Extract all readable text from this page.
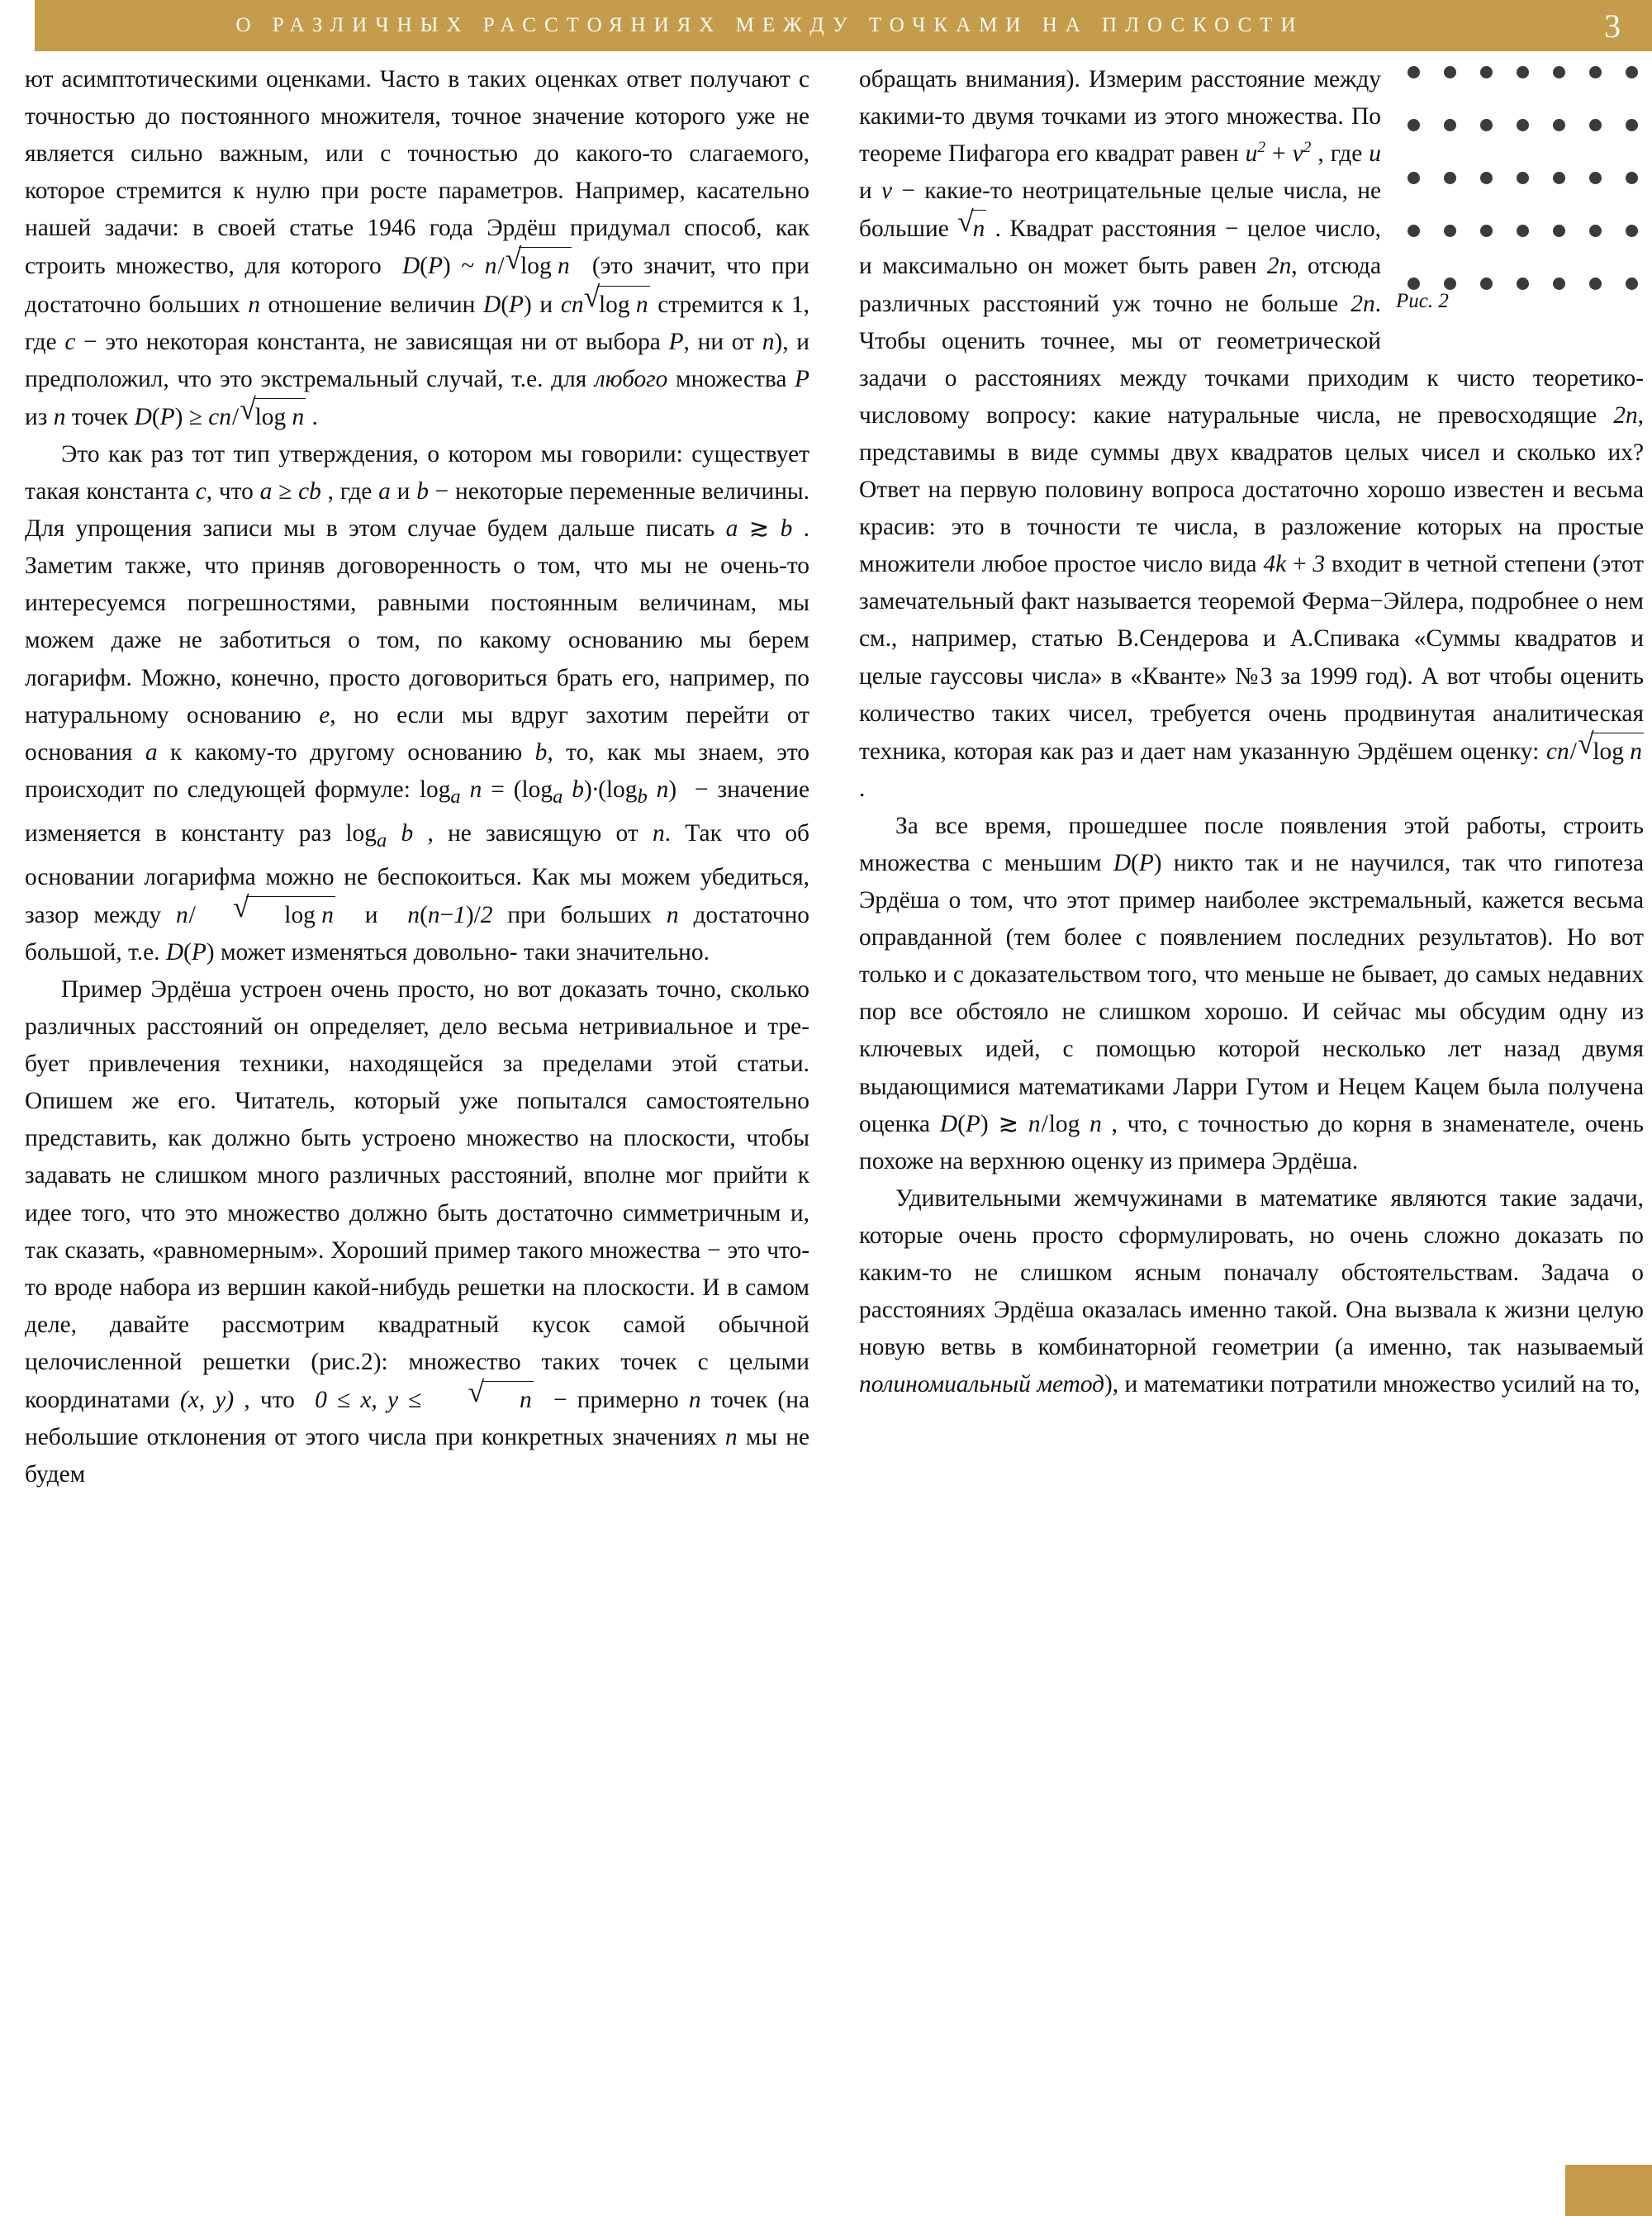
О РАЗЛИЧНЫХ РАССТОЯНИЯХ МЕЖДУ ТОЧКАМИ НА ПЛОСКОСТИ	3

ют асимптотическими оценками. Часто в таких оценках ответ получают с точностью до постоянного множителя, точное значение которого уже не является сильно важным, или с точностью до какого-то слагаемого, которое стремится к нулю при росте параметров. Например, касательно нашей задачи: в своей статье 1946 года Эрдёш придумал способ, как строить множество, для которого  D(P) ~ n/ √
log n  (это значит, что при достаточно больших n отношение величин D(P) и cn √
log n стремится к 1, где c − это некоторая константа, не зависящая ни от выбора P, ни от n), и предположил, что это экстремальный случай, т.е. для любого множества P из n точек D(P) ≥ cn/ √
log n .

Это как раз тот тип утверждения, о котором мы говорили: существует такая константа c, что a ≥ cb , где a и b − некоторые переменные величины. Для упрощения записи мы в этом случае будем дальше писать a ≳ b . Заметим также, что приняв договоренность о том, что мы не очень-то интересуемся погрешностями, равными постоянным величинам, мы можем даже не заботиться о том, по какому основанию мы берем логарифм. Можно, конечно, просто договориться брать его, например, по натуральному основанию e, но если мы вдруг захотим перейти от основания a к какому-то другому основанию b, то, как мы знаем, это происходит по следующей формуле: $\log_a n = (\log_a$ $b)\cdot(\log_b$ n)  − значение изменяется в константу раз $\log_a b$ , не зависящую от n. Так что об основании логарифма можно не беспокоиться. Как мы можем убедиться, зазор между n/	√ log n  и  n(n−1)/2 при больших n достаточно большой, т.е. D(P) может изменяться довольно- таки значительно.

Пример Эрдёша устроен очень просто, но вот доказать точно, сколько различных расстояний он определяет, дело весьма нетривиальное и требует привлечения техники, находящейся за пределами этой статьи. Опишем же его. Читатель, который уже попытался самостоятельно представить, как должно быть устроено множество на плоскости, чтобы задавать не слишком много различных расстояний, вполне мог прийти к идее того, что это множество должно быть достаточно симметричным и, так сказать, «равномерным». Хороший пример такого множества − это что-то вроде набора из вершин какой-нибудь решетки на плоскости. И в самом деле, давайте рассмотрим квадратный кусок самой обычной целочисленной решетки (рис.2): множество таких точек с целыми координатами (x, y) , что  0 ≤ x, y ≤	√ n  − примерно n точек (на небольшие отклонения от этого числа при конкретных значениях n мы не будем

Рис. 2

обращать внимания). Измерим расстояние между какими-то двумя точками из этого множества. По теореме Пифагора его квадрат равен $u^2 + v^2$ , где u и v − какие-то неотрицательные целые числа, не большие √
n . Квадрат расстояния − целое число, и максимально он может быть равен 2n, отсюда различных расстояний уж точно не больше 2n. Чтобы оценить точнее, мы от геометрической задачи о расстояниях между точками приходим к чисто теоретико- числовому вопросу: какие натуральные числа, не превосходящие 2n, представимы в виде суммы двух квадратов целых чисел и сколько их? Ответ на первую половину вопроса достаточно хорошо известен и весьма красив: это в точности те числа, в разложение которых на простые множители любое простое число вида 4k + 3 входит в четной степени (этот замечательный факт называется теоремой Ферма−Эйлера, подробнее о нем см., например, статью В.Сендерова и А.Спивака «Суммы квадратов и целые гауссовы числа» в «Кванте» №3 за 1999 год). А вот чтобы оценить количество таких чисел, требуется очень продвинутая аналитическая техника, которая как раз и дает нам указанную Эрдёшем оценку: cn/ √
log n .

За все время, прошедшее после появления этой работы, строить множества с меньшим D(P) никто так и не научился, так что гипотеза Эрдёша о том, что этот пример наиболее экстремальный, кажется весьма оправданной (тем более с появлением последних результатов). Но вот только и с доказательством того, что меньше не бывает, до самых недавних пор все обстояло не слишком хорошо. И сейчас мы обсудим одну из ключевых идей, с помощью которой несколько лет назад двумя выдающимися математиками Ларри Гутом и Нецем Кацем была получена оценка D(P) ≳ n/log n , что, с точностью до корня в знаменателе, очень похоже на верхнюю оценку из примера Эрдёша.

Удивительными жемчужинами в математике являются такие задачи, которые очень просто сформулировать, но очень сложно доказать по каким-то не слишком ясным поначалу обстоятельствам. Задача о расстояниях Эрдёша оказалась именно такой. Она вызвала к жизни целую новую ветвь в комбинаторной геометрии (а именно, так называемый полиномиальный метод), и математики потратили множество усилий на то,
